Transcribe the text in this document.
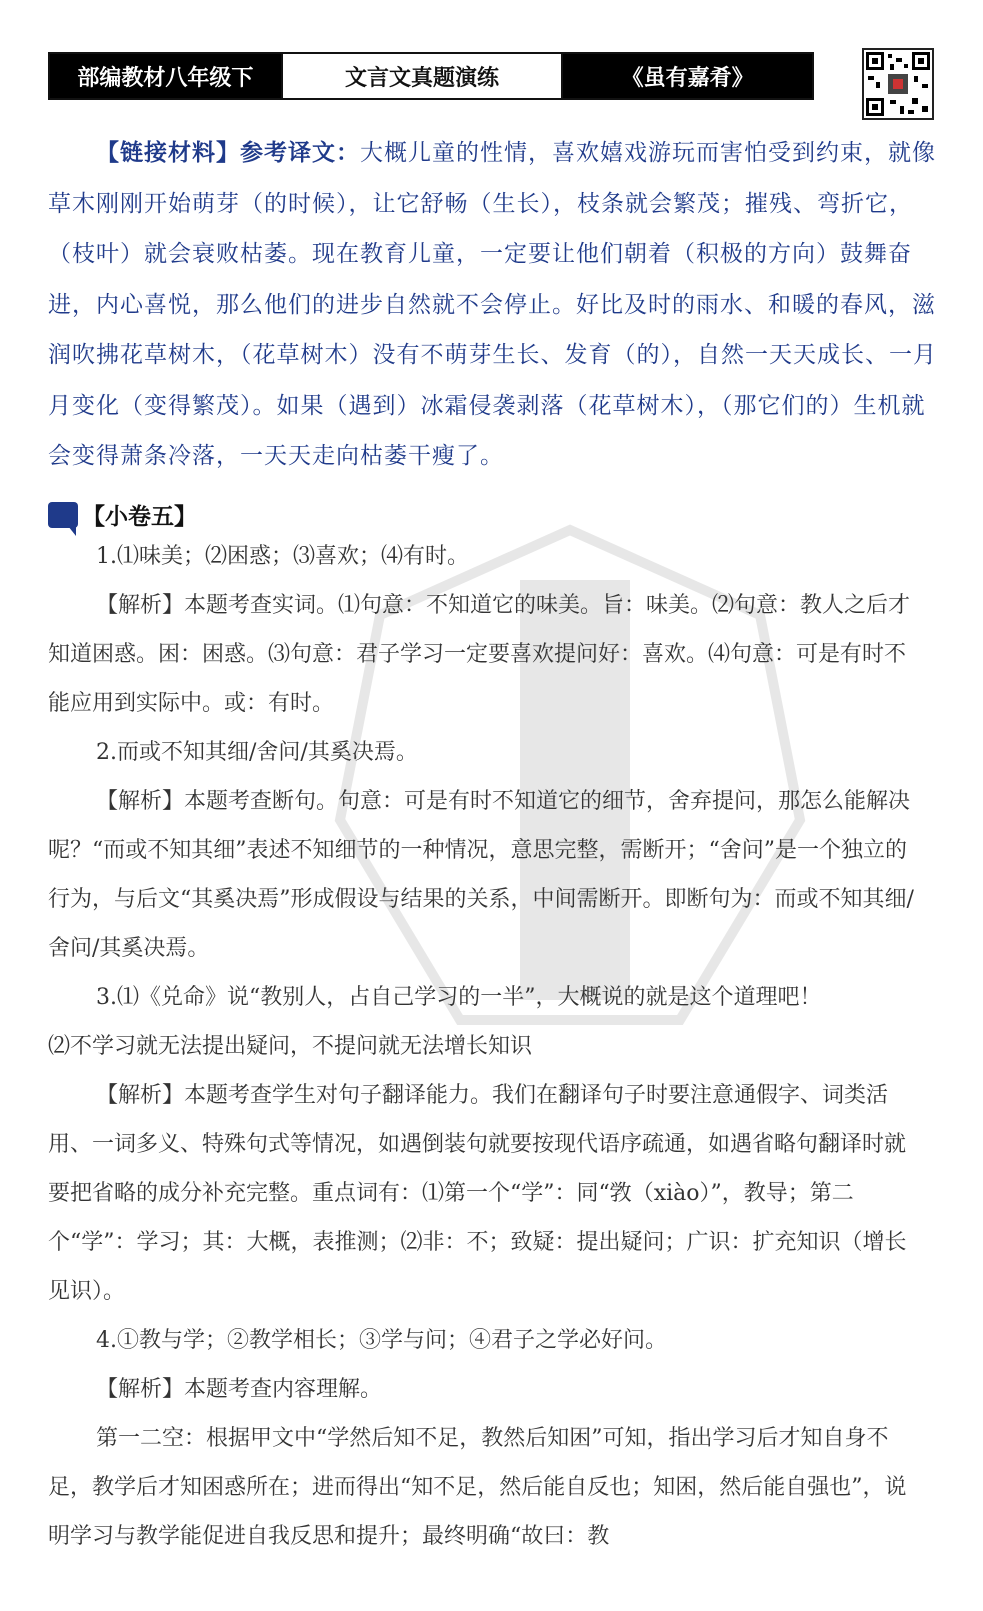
部编教材八年级下	文言文真题演练	《虽有嘉肴》
【链接材料】参考译文：大概儿童的性情，喜欢嬉戏游玩而害怕受到约束，就像草木刚刚开始萌芽（的时候），让它舒畅（生长），枝条就会繁茂；摧残、弯折它，（枝叶）就会衰败枯萎。现在教育儿童，一定要让他们朝着（积极的方向）鼓舞奋进，内心喜悦，那么他们的进步自然就不会停止。好比及时的雨水、和暖的春风，滋润吹拂花草树木，（花草树木）没有不萌芽生长、发育（的），自然一天天成长、一月月变化（变得繁茂）。如果（遇到）冰霜侵袭剥落（花草树木），（那它们的）生机就会变得萧条冷落，一天天走向枯萎干瘦了。
【小卷五】

1.⑴味美；⑵困惑；⑶喜欢；⑷有时。

【解析】本题考查实词。⑴句意：不知道它的味美。旨：味美。⑵句意：教人之后才知道困惑。困：困惑。⑶句意：君子学习一定要喜欢提问好：喜欢。⑷句意：可是有时不能应用到实际中。或：有时。

2.而或不知其细/舍问/其奚决焉。

【解析】本题考查断句。句意：可是有时不知道它的细节，舍弃提问，那怎么能解决呢？“而或不知其细”表述不知细节的一种情况，意思完整，需断开；“舍问”是一个独立的行为，与后文“其奚决焉”形成假设与结果的关系，中间需断开。即断句为：而或不知其细/舍问/其奚决焉。

3.⑴《兑命》说“教别人，占自己学习的一半”，大概说的就是这个道理吧！

⑵不学习就无法提出疑问，不提问就无法增长知识

【解析】本题考查学生对句子翻译能力。我们在翻译句子时要注意通假字、词类活用、一词多义、特殊句式等情况，如遇倒装句就要按现代语序疏通，如遇省略句翻译时就要把省略的成分补充完整。重点词有：⑴第一个“学”：同“敩（xiào）”，教导；第二个“学”：学习；其：大概，表推测；⑵非：不；致疑：提出疑问；广识：扩充知识（增长见识）。

4.①教与学；②教学相长；③学与问；④君子之学必好问。

【解析】本题考查内容理解。

第一二空：根据甲文中“学然后知不足，教然后知困”可知，指出学习后才知自身不足，教学后才知困惑所在；进而得出“知不足，然后能自反也；知困，然后能自强也”，说明学习与教学能促进自我反思和提升；最终明确“故曰：教
